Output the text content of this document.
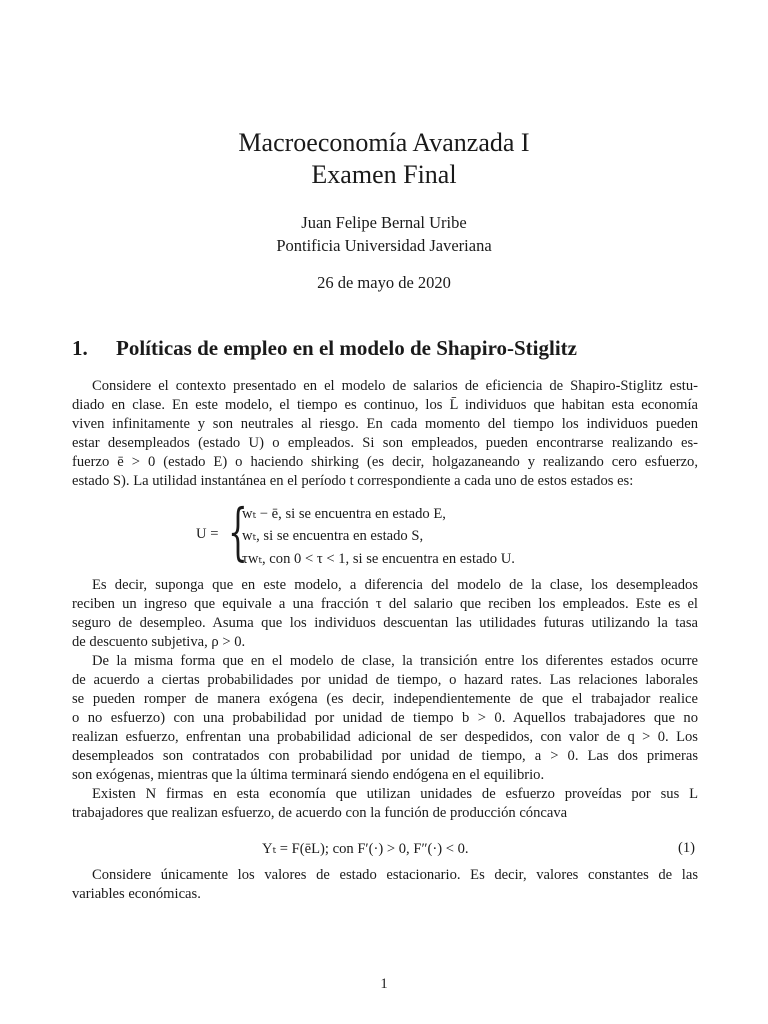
Macroeconomía Avanzada I
Examen Final
Juan Felipe Bernal Uribe
Pontificia Universidad Javeriana
26 de mayo de 2020
1. Políticas de empleo en el modelo de Shapiro-Stiglitz
Considere el contexto presentado en el modelo de salarios de eficiencia de Shapiro-Stiglitz estu-
diado en clase. En este modelo, el tiempo es continuo, los L̄ individuos que habitan esta economía
viven infinitamente y son neutrales al riesgo. En cada momento del tiempo los individuos pueden
estar desempleados (estado U) o empleados. Si son empleados, pueden encontrarse realizando es-
fuerzo ē > 0 (estado E) o haciendo shirking (es decir, holgazaneando y realizando cero esfuerzo,
estado S). La utilidad instantánea en el período t correspondiente a cada uno de estos estados es:
U = {
wₜ − ē, si se encuentra en estado E,
wₜ, si se encuentra en estado S,
τwₜ, con 0 < τ < 1, si se encuentra en estado U.
Es decir, suponga que en este modelo, a diferencia del modelo de la clase, los desempleados
reciben un ingreso que equivale a una fracción τ del salario que reciben los empleados. Este es el
seguro de desempleo. Asuma que los individuos descuentan las utilidades futuras utilizando la tasa
de descuento subjetiva, ρ > 0.
De la misma forma que en el modelo de clase, la transición entre los diferentes estados ocurre
de acuerdo a ciertas probabilidades por unidad de tiempo, o hazard rates. Las relaciones laborales
se pueden romper de manera exógena (es decir, independientemente de que el trabajador realice
o no esfuerzo) con una probabilidad por unidad de tiempo b > 0. Aquellos trabajadores que no
realizan esfuerzo, enfrentan una probabilidad adicional de ser despedidos, con valor de q > 0. Los
desempleados son contratados con probabilidad por unidad de tiempo, a > 0. Las dos primeras
son exógenas, mientras que la última terminará siendo endógena en el equilibrio.
Existen N firmas en esta economía que utilizan unidades de esfuerzo proveídas por sus L
trabajadores que realizan esfuerzo, de acuerdo con la función de producción cóncava
Yₜ = F(ēL); con F′(·) > 0, F″(·) < 0.	(1)
Considere únicamente los valores de estado estacionario. Es decir, valores constantes de las
variables económicas.
1
